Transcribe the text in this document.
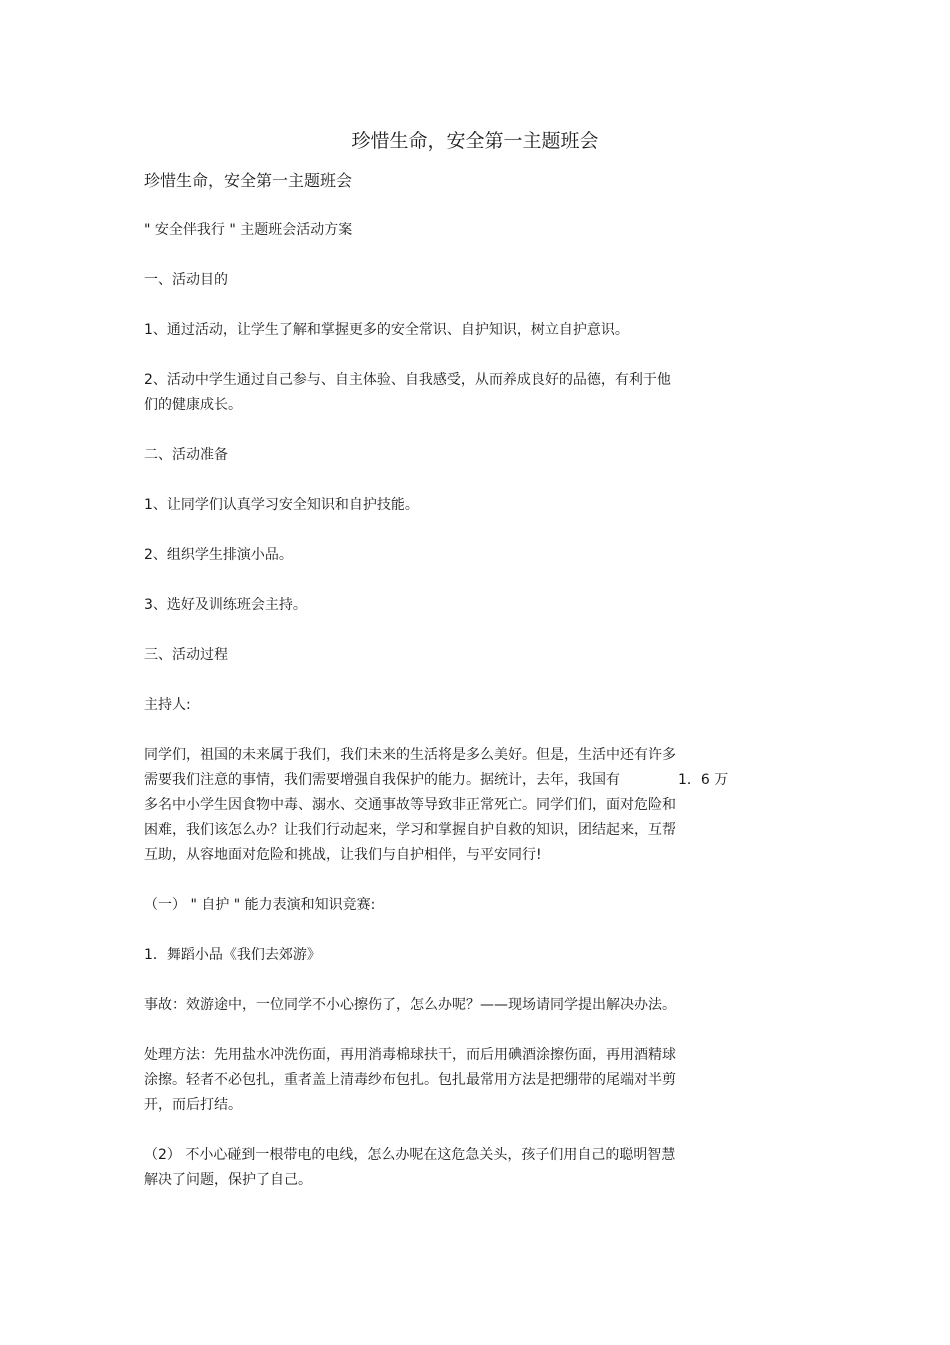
珍惜生命，安全第一主题班会
珍惜生命，安全第一主题班会
" 安全伴我行 " 主题班会活动方案
一、活动目的
1、通过活动，让学生了解和掌握更多的安全常识、自护知识，树立自护意识。
2、活动中学生通过自己参与、自主体验、自我感受，从而养成良好的品德，有利于他
们的健康成长。
二、活动准备
1、让同学们认真学习安全知识和自护技能。
2、组织学生排演小品。
3、选好及训练班会主持。
三、活动过程
主持人:
同学们，祖国的未来属于我们，我们未来的生活将是多么美好。但是，生活中还有许多
需要我们注意的事情，我们需要增强自我保护的能力。据统计，去年，我国有	1．6 万
多名中小学生因食物中毒、溺水、交通事故等导致非正常死亡。同学们们，面对危险和
困难，我们该怎么办？让我们行动起来，学习和掌握自护自救的知识，团结起来，互帮
互助，从容地面对危险和挑战，让我们与自护相伴，与平安同行!
（一） " 自护 " 能力表演和知识竞赛:
1．舞蹈小品《我们去郊游》
事故：效游途中，一位同学不小心擦伤了，怎么办呢？——现场请同学提出解决办法。
处理方法：先用盐水冲洗伤面，再用消毒棉球扶干，而后用碘酒涂擦伤面，再用酒精球
涂擦。轻者不必包扎，重者盖上清毒纱布包扎。包扎最常用方法是把绷带的尾端对半剪
开，而后打结。
（2） 不小心碰到一根带电的电线，怎么办呢在这危急关头，孩子们用自己的聪明智慧
解决了问题，保护了自己。
